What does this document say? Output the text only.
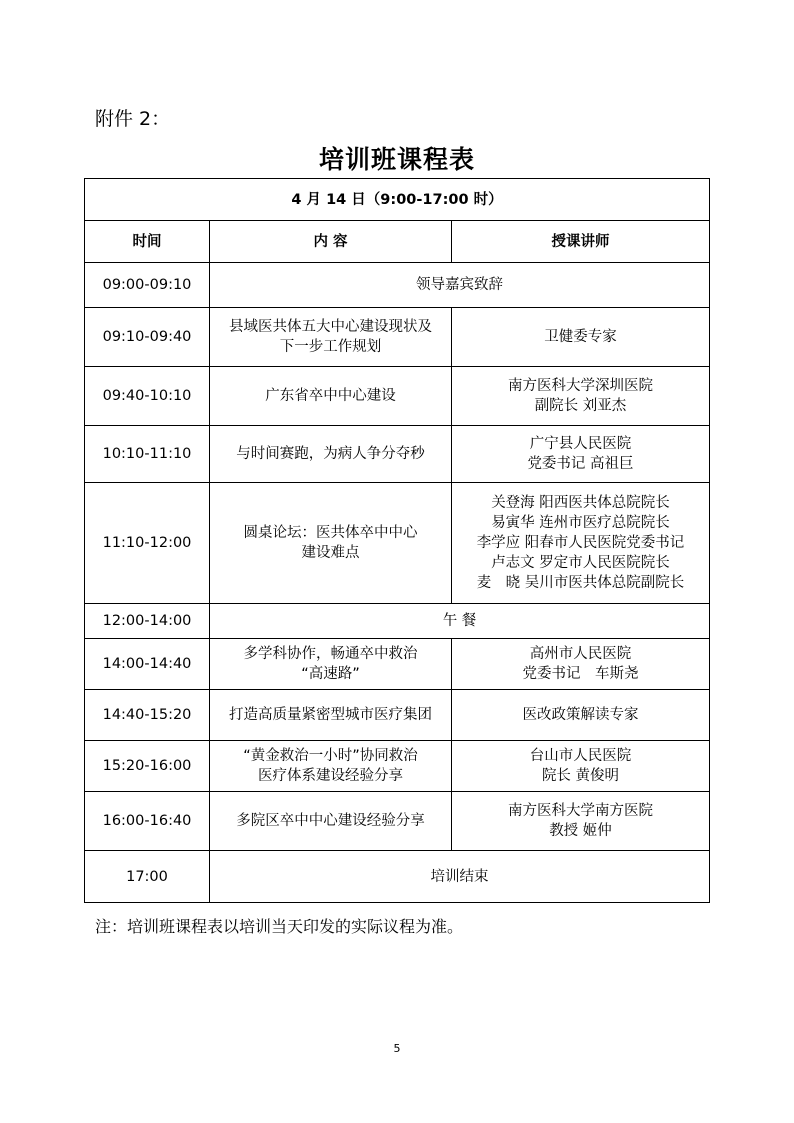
附件 2：
培训班课程表
4 月 14 日（9:00-17:00 时）		
时间	内 容	授课讲师
09:00-09:10	领导嘉宾致辞	

09:10-09:40	县域医共体五大中心建设现状及
下一步工作规划	卫健委专家

09:40-10:10	广东省卒中中心建设	南方医科大学深圳医院
副院长 刘亚杰

10:10-11:10	与时间赛跑，为病人争分夺秒	广宁县人民医院
党委书记 高祖巨

11:10-12:00	圆桌论坛：医共体卒中中心
建设难点	关登海 阳西医共体总院院长
易寅华 连州市医疗总院院长
李学应 阳春市人民医院党委书记
卢志文 罗定市人民医院院长
麦　晓 吴川市医共体总院副院长

12:00-14:00	午 餐	

14:00-14:40	多学科协作，畅通卒中救治
“高速路”	高州市人民医院
党委书记　车斯尧

14:40-15:20	打造高质量紧密型城市医疗集团	医改政策解读专家

15:20-16:00	“黄金救治一小时”协同救治
医疗体系建设经验分享	台山市人民医院
院长 黄俊明

16:00-16:40	多院区卒中中心建设经验分享	南方医科大学南方医院
教授 姬仲

17:00	培训结束	
注：培训班课程表以培训当天印发的实际议程为准。
5
